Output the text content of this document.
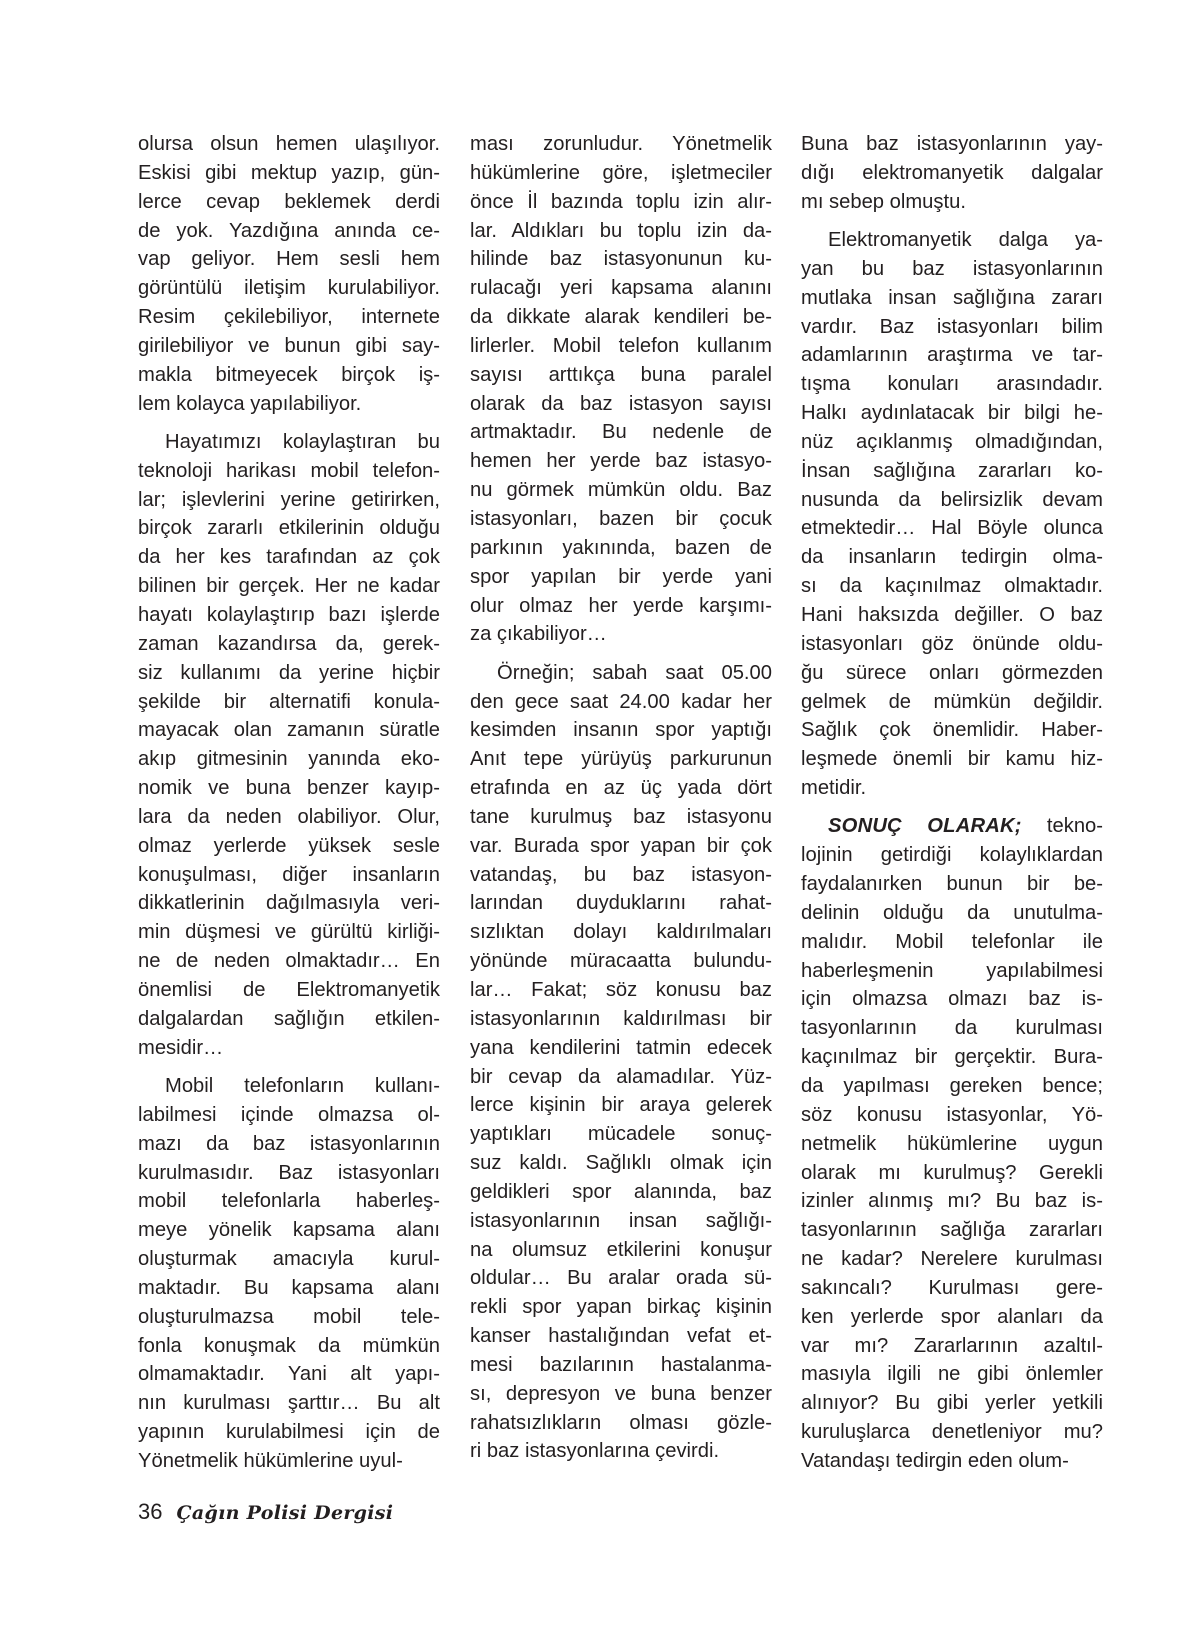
olursa olsun hemen ulaşılıyor.
Eskisi gibi mektup yazıp, gün-
lerce cevap beklemek derdi
de yok. Yazdığına anında ce-
vap geliyor. Hem sesli hem
görüntülü iletişim kurulabiliyor.
Resim çekilebiliyor, internete
girilebiliyor ve bunun gibi say-
makla bitmeyecek birçok iş-
lem kolayca yapılabiliyor.
Hayatımızı kolaylaştıran bu
teknoloji harikası mobil telefon-
lar; işlevlerini yerine getirirken,
birçok zararlı etkilerinin olduğu
da her kes tarafından az çok
bilinen bir gerçek. Her ne kadar
hayatı kolaylaştırıp bazı işlerde
zaman kazandırsa da, gerek-
siz kullanımı da yerine hiçbir
şekilde bir alternatifi konula-
mayacak olan zamanın süratle
akıp gitmesinin yanında eko-
nomik ve buna benzer kayıp-
lara da neden olabiliyor. Olur,
olmaz yerlerde yüksek sesle
konuşulması, diğer insanların
dikkatlerinin dağılmasıyla veri-
min düşmesi ve gürültü kirliği-
ne de neden olmaktadır… En
önemlisi de Elektromanyetik
dalgalardan sağlığın etkilen-
mesidir…
Mobil telefonların kullanı-
labilmesi içinde olmazsa ol-
mazı da baz istasyonlarının
kurulmasıdır. Baz istasyonları
mobil telefonlarla haberleş-
meye yönelik kapsama alanı
oluşturmak amacıyla kurul-
maktadır. Bu kapsama alanı
oluşturulmazsa mobil tele-
fonla konuşmak da mümkün
olmamaktadır. Yani alt yapı-
nın kurulması şarttır… Bu alt
yapının kurulabilmesi için de
Yönetmelik hükümlerine uyul-
ması zorunludur. Yönetmelik
hükümlerine göre, işletmeciler
önce İl bazında toplu izin alır-
lar. Aldıkları bu toplu izin da-
hilinde baz istasyonunun ku-
rulacağı yeri kapsama alanını
da dikkate alarak kendileri be-
lirlerler. Mobil telefon kullanım
sayısı arttıkça buna paralel
olarak da baz istasyon sayısı
artmaktadır. Bu nedenle de
hemen her yerde baz istasyo-
nu görmek mümkün oldu. Baz
istasyonları, bazen bir çocuk
parkının yakınında, bazen de
spor yapılan bir yerde yani
olur olmaz her yerde karşımı-
za çıkabiliyor…
Örneğin; sabah saat 05.00
den gece saat 24.00 kadar her
kesimden insanın spor yaptığı
Anıt tepe yürüyüş parkurunun
etrafında en az üç yada dört
tane kurulmuş baz istasyonu
var. Burada spor yapan bir çok
vatandaş, bu baz istasyon-
larından duyduklarını rahat-
sızlıktan dolayı kaldırılmaları
yönünde müracaatta bulundu-
lar… Fakat; söz konusu baz
istasyonlarının kaldırılması bir
yana kendilerini tatmin edecek
bir cevap da alamadılar. Yüz-
lerce kişinin bir araya gelerek
yaptıkları mücadele sonuç-
suz kaldı. Sağlıklı olmak için
geldikleri spor alanında, baz
istasyonlarının insan sağlığı-
na olumsuz etkilerini konuşur
oldular… Bu aralar orada sü-
rekli spor yapan birkaç kişinin
kanser hastalığından vefat et-
mesi bazılarının hastalanma-
sı, depresyon ve buna benzer
rahatsızlıkların olması gözle-
ri baz istasyonlarına çevirdi.
Buna baz istasyonlarının yay-
dığı elektromanyetik dalgalar
mı sebep olmuştu.
Elektromanyetik dalga ya-
yan bu baz istasyonlarının
mutlaka insan sağlığına zararı
vardır. Baz istasyonları bilim
adamlarının araştırma ve tar-
tışma konuları arasındadır.
Halkı aydınlatacak bir bilgi he-
nüz açıklanmış olmadığından,
İnsan sağlığına zararları ko-
nusunda da belirsizlik devam
etmektedir… Hal Böyle olunca
da insanların tedirgin olma-
sı da kaçınılmaz olmaktadır.
Hani haksızda değiller. O baz
istasyonları göz önünde oldu-
ğu sürece onları görmezden
gelmek de mümkün değildir.
Sağlık çok önemlidir. Haber-
leşmede önemli bir kamu hiz-
metidir.
SONUÇ OLARAK; tekno-
lojinin getirdiği kolaylıklardan
faydalanırken bunun bir be-
delinin olduğu da unutulma-
malıdır. Mobil telefonlar ile
haberleşmenin yapılabilmesi
için olmazsa olmazı baz is-
tasyonlarının da kurulması
kaçınılmaz bir gerçektir. Bura-
da yapılması gereken bence;
söz konusu istasyonlar, Yö-
netmelik hükümlerine uygun
olarak mı kurulmuş? Gerekli
izinler alınmış mı? Bu baz is-
tasyonlarının sağlığa zararları
ne kadar? Nerelere kurulması
sakıncalı? Kurulması gere-
ken yerlerde spor alanları da
var mı? Zararlarının azaltıl-
masıyla ilgili ne gibi önlemler
alınıyor? Bu gibi yerler yetkili
kuruluşlarca denetleniyor mu?
Vatandaşı tedirgin eden olum-
36 Çağın Polisi Dergisi
